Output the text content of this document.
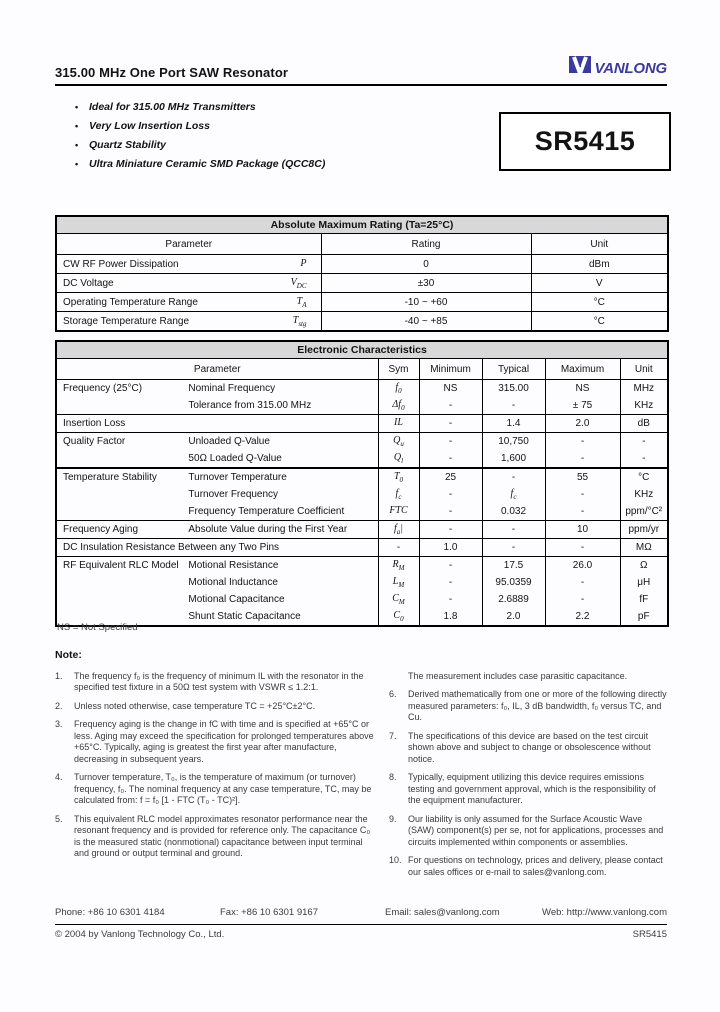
315.00 MHz One Port SAW Resonator	VANLONG
• Ideal for 315.00 MHz Transmitters
• Very Low Insertion Loss
• Quartz Stability
• Ultra Miniature Ceramic SMD Package (QCC8C)
SR5415
Absolute Maximum Rating (Ta=25°C)		
Parameter	Rating	Unit

CW RF Power Dissipation P	0	dBm

DC Voltage $V_{DC}$	±30	V

Operating Temperature Range $T_A$	-10 ~ +60	°C

Storage Temperature Range $T_{stg}$	-40 ~ +85	°C
Electronic Characteristics					
Parameter	Sym	Minimum	Typical	Maximum	Unit
Frequency (25°C) Nominal Frequency	$f_0$	NS	315.00	NS	MHz

Tolerance from 315.00 MHz	$\Delta f_0$	-	-	± 75	KHz
Insertion Loss	IL	-	1.4	2.0	dB
Quality Factor Unloaded Q-Value	$Q_u$	-	10,750	-	-

50Ω Loaded Q-Value	$Q_l$	-	1,600	-	-
Temperature Stability Turnover Temperature	$T_0$	25	-	55	°C

Turnover Frequency	$f_c$	-	$f_c$	-	KHz

Frequency Temperature Coefficient	FTC	-	0.032	-	ppm/°C²
Frequency Aging Absolute Value during the First Year	$f_a|$	-	-	10	ppm/yr
DC Insulation Resistance Between any Two Pins	-	1.0	-	-	MΩ
RF Equivalent RLC Model Motional Resistance	$R_M$	-	17.5	26.0	Ω

Motional Inductance	$L_M$	-	95.0359	-	μH

Motional Capacitance	$C_M$	-	2.6889	-	fF

Shunt Static Capacitance	$C_0$	1.8	2.0	2.2	pF
NS = Not Specified
Note:
1.	The frequency f₀ is the frequency of minimum IL with the resonator in the specified test fixture in a 50Ω test system with VSWR ≤ 1.2:1.
2.	Unless noted otherwise, case temperature TC = +25°C±2°C.
3.	Frequency aging is the change in fC with time and is specified at +65°C or less. Aging may exceed the specification for prolonged temperatures above +65°C. Typically, aging is greatest the first year after manufacture, decreasing in subsequent years.
4.	Turnover temperature, T₀, is the temperature of maximum (or turnover) frequency, f₀. The nominal frequency at any case temperature, TC, may be calculated from: f = f₀ [1 - FTC (T₀ - TC)²].
5.	This equivalent RLC model approximates resonator performance near the resonant frequency and is provided for reference only. The capacitance C₀ is the measured static (nonmotional) capacitance between input terminal and ground or output terminal and ground.
The measurement includes case parasitic capacitance.
6.	Derived mathematically from one or more of the following directly measured parameters: f₀, IL, 3 dB bandwidth, f₀ versus TC, and Cu.
7.	The specifications of this device are based on the test circuit shown above and subject to change or obsolescence without notice.
8.	Typically, equipment utilizing this device requires emissions testing and government approval, which is the responsibility of the equipment manufacturer.
9.	Our liability is only assumed for the Surface Acoustic Wave (SAW) component(s) per se, not for applications, processes and circuits implemented within components or assemblies.
10. For questions on technology, prices and delivery, please contact our sales offices or e-mail to sales@vanlong.com.
Phone: +86 10 6301 4184	Fax: +86 10 6301 9167	Email: sales@vanlong.com	Web: http://www.vanlong.com
© 2004 by Vanlong Technology Co., Ltd.	SR5415
